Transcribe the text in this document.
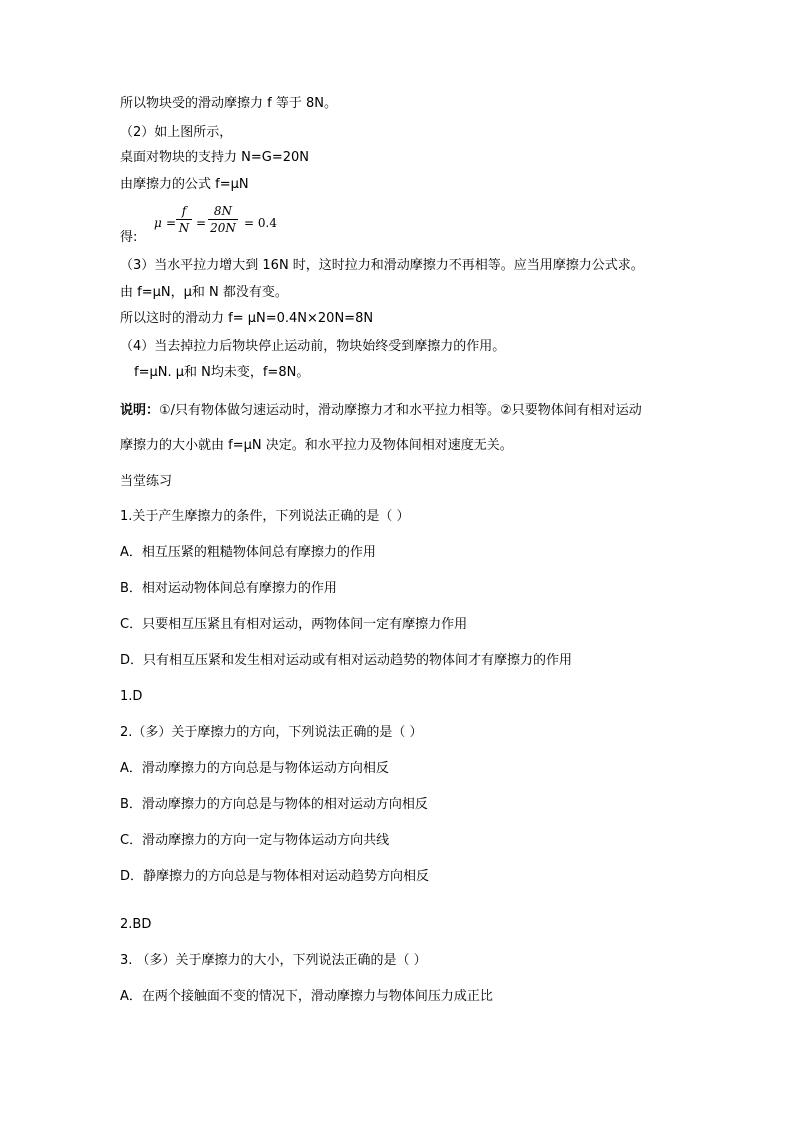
所以物块受的滑动摩擦力 f 等于 8N。
（2）如上图所示，
桌面对物块的支持力 N=G=20N
由摩擦力的公式 f=μN
得:
μ =
f
N =
8N
20N = 0.4
（3）当水平拉力增大到 16N 时，这时拉力和滑动摩擦力不再相等。应当用摩擦力公式求。
由 f=μN，μ和 N 都没有变。
所以这时的滑动力 f= μN=0.4N×20N=8N
（4）当去掉拉力后物块停止运动前，物块始终受到摩擦力的作用。
f=μN. μ和 N均未变，f=8N。
说明：①/只有物体做匀速运动时，滑动摩擦力才和水平拉力相等。②只要物体间有相对运动
摩擦力的大小就由 f=μN 决定。和水平拉力及物体间相对速度无关。
当堂练习
1.关于产生摩擦力的条件，下列说法正确的是（ ）
A．相互压紧的粗糙物体间总有摩擦力的作用
B．相对运动物体间总有摩擦力的作用
C．只要相互压紧且有相对运动，两物体间一定有摩擦力作用
D．只有相互压紧和发生相对运动或有相对运动趋势的物体间才有摩擦力的作用
1.D
2.（多）关于摩擦力的方向，下列说法正确的是（ ）
A．滑动摩擦力的方向总是与物体运动方向相反
B．滑动摩擦力的方向总是与物体的相对运动方向相反
C．滑动摩擦力的方向一定与物体运动方向共线
D．静摩擦力的方向总是与物体相对运动趋势方向相反
2.BD
3. （多）关于摩擦力的大小，下列说法正确的是（ ）
A．在两个接触面不变的情况下，滑动摩擦力与物体间压力成正比
